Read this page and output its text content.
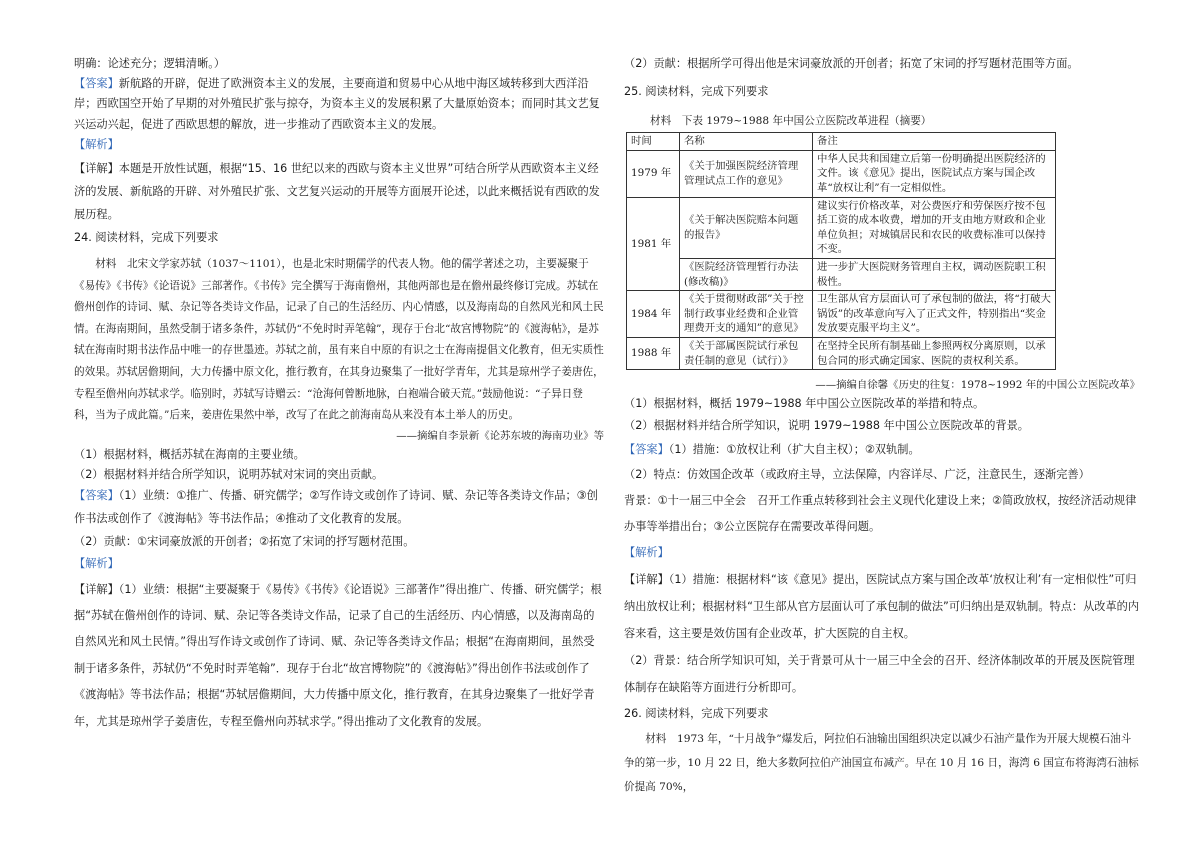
明确：论述充分；逻辑清晰。）

【答案】新航路的开辟，促进了欧洲资本主义的发展，主要商道和贸易中心从地中海区域转移到大西洋沿岸；西欧国空开始了早期的对外殖民扩张与掠夺，为资本主义的发展积累了大量原始资本；而同时其文艺复兴运动兴起，促进了西欧思想的解放，进一步推动了西欧资本主义的发展。

【解析】

【详解】本题是开放性试题，根据“15、16 世纪以来的西欧与资本主义世界”可结合所学从西欧资本主义经济的发展、新航路的开辟、对外殖民扩张、文艺复兴运动的开展等方面展开论述，以此来概括说有西欧的发展历程。

24. 阅读材料，完成下列要求

材料　北宋文学家苏轼（1037～1101），也是北宋时期儒学的代表人物。他的儒学著述之功，主要凝聚于《易传》《书传》《论语说》三部著作。《书传》完全撰写于海南儋州，其他两部也是在儋州最终修订完成。苏轼在儋州创作的诗词、赋、杂记等各类诗文作品，记录了自己的生活经历、内心情感，以及海南岛的自然风光和风土民情。在海南期间，虽然受制于诸多条件，苏轼仍“不免时时弄笔翰”，现存于台北“故宫博物院”的《渡海帖》，是苏轼在海南时期书法作品中唯一的存世墨迹。苏轼之前，虽有来自中原的有识之士在海南提倡文化教育，但无实质性的效果。苏轼居儋期间，大力传播中原文化，推行教育，在其身边聚集了一批好学青年，尤其是琼州学子姜唐佐，专程至儋州向苏轼求学。临别时，苏轼写诗赠云：“沧海何曾断地脉，白袍端合破天荒。”鼓励他说：“子异日登科，当为子成此篇。”后来，姜唐佐果然中举，改写了在此之前海南岛从来没有本土举人的历史。

——摘编自李景新《论苏东坡的海南功业》等

（1）根据材料，概括苏轼在海南的主要业绩。

（2）根据材料并结合所学知识，说明苏轼对宋词的突出贡献。

【答案】（1）业绩：①推广、传播、研究儒学；②写作诗文或创作了诗词、赋、杂记等各类诗文作品；③创作书法或创作了《渡海帖》等书法作品；④推动了文化教育的发展。

（2）贡献：①宋词豪放派的开创者；②拓宽了宋词的抒写题材范围。

【解析】

【详解】（1）业绩：根据“主要凝聚于《易传》《书传》《论语说》三部著作”得出推广、传播、研究儒学；根据“苏轼在儋州创作的诗词、赋、杂记等各类诗文作品，记录了自己的生活经历、内心情感，以及海南岛的自然风光和风土民情。”得出写作诗文或创作了诗词、赋、杂记等各类诗文作品；根据“在海南期间，虽然受制于诸多条件，苏轼仍“不免时时弄笔翰”．现存于台北“故宫博物院”的《渡海帖》”得出创作书法或创作了《渡海帖》等书法作品；根据“苏轼居儋期间，大力传播中原文化，推行教育，在其身边聚集了一批好学青年，尤其是琼州学子姜唐佐，专程至儋州向苏轼求学。”得出推动了文化教育的发展。

（2）贡献：根据所学可得出他是宋词豪放派的开创者；拓宽了宋词的抒写题材范围等方面。

25. 阅读材料，完成下列要求

材料　下表 1979~1988 年中国公立医院改革进程（摘要）

时间	名称	备注
1979 年	《关于加强医院经济管理管理试点工作的意见》	中华人民共和国建立后第一份明确提出医院经济的文件。该《意见》提出，医院试点方案与国企改革“放权让利”有一定相似性。
1981 年	《关于解决医院赔本问题的报告》	建议实行价格改革，对公费医疗和劳保医疗按不包括工资的成本收费，增加的开支由地方财政和企业单位负担；对城镇居民和农民的收费标准可以保持不变。
	《医院经济管理暂行办法(修改稿)》	进一步扩大医院财务管理自主权，调动医院职工积极性。
1984 年	《关于贯彻财政部”关于控制行政事业经费和企业管理费开支的通知”的意见》	卫生部从官方层面认可了承包制的做法，将“打破大锅饭”的改革意向写入了正式文件，特别指出“奖金发放要克服平均主义”。
1988 年	《关于部属医院试行承包责任制的意见（试行）》	在坚持全民所有制基础上参照两权分离原则，以承包合同的形式确定国家、医院的责权利关系。

——摘编自徐馨《历史的往复：1978~1992 年的中国公立医院改革》

（1）根据材料，概括 1979~1988 年中国公立医院改革的举措和特点。

（2）根据材料并结合所学知识，说明 1979~1988 年中国公立医院改革的背景。

【答案】（1）措施：①放权让利（扩大自主权）；②双轨制。

（2）特点：仿效国企改革（或政府主导，立法保障，内容详尽、广泛，注意民生，逐渐完善）

背景：①十一届三中全会　召开工作重点转移到社会主义现代化建设上来；②简政放权，按经济活动规律办事等举措出台；③公立医院存在需要改革得问题。

【解析】

【详解】（1）措施：根据材料“该《意见》提出，医院试点方案与国企改革‘放权让利’有一定相似性”可归纳出放权让利；根据材料“卫生部从官方层面认可了承包制的做法”可归纳出是双轨制。特点：从改革的内容来看，这主要是效仿国有企业改革，扩大医院的自主权。

（2）背景：结合所学知识可知，关于背景可从十一届三中全会的召开、经济体制改革的开展及医院管理体制存在缺陷等方面进行分析即可。

26. 阅读材料，完成下列要求

材料　1973 年，“十月战争”爆发后，阿拉伯石油输出国组织决定以减少石油产量作为开展大规模石油斗争的第一步，10 月 22 日，绝大多数阿拉伯产油国宣布减产。早在 10 月 16 日，海湾 6 国宣布将海湾石油标价提高 70%，
